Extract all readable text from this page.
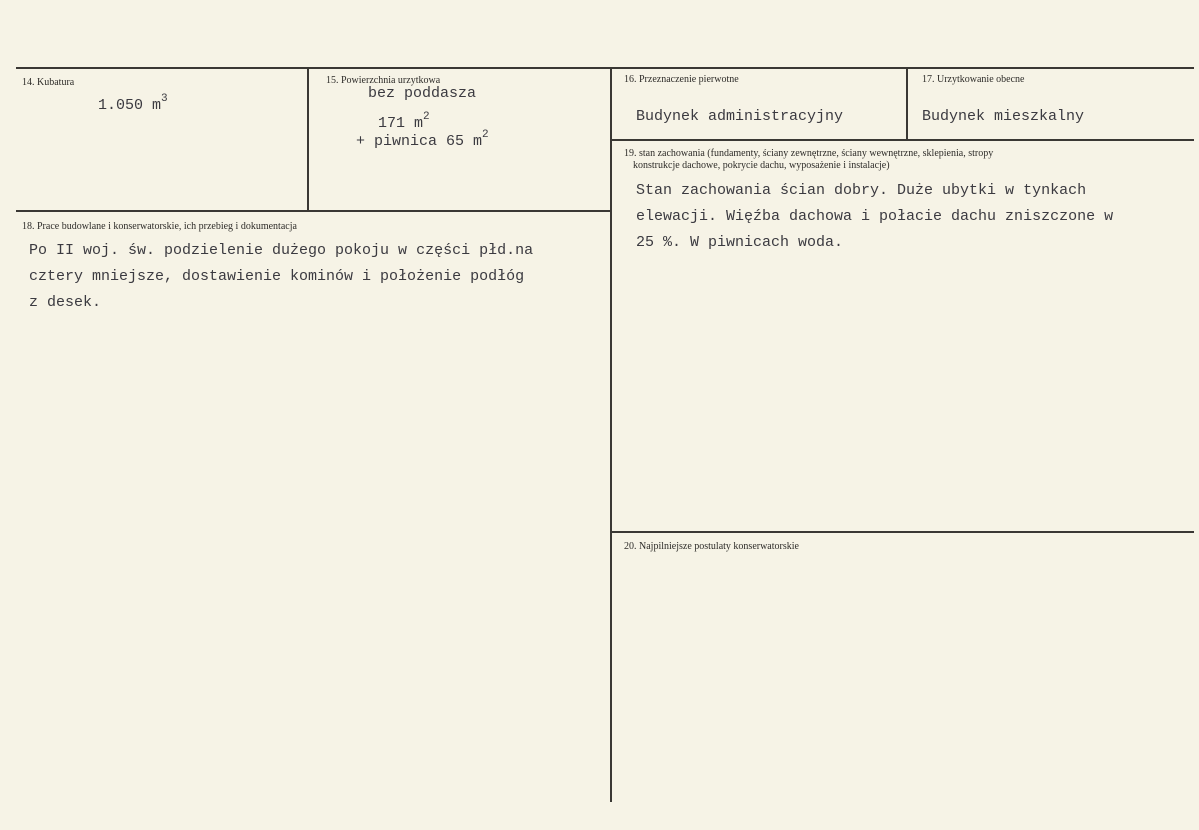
14. Kubatura
1.050 $m^3$
15. Powierzchnia urzytkowa
bez poddasza
171 $m^2$
+ piwnica 65 $m^2$
16. Przeznaczenie pierwotne
Budynek administracyjny
17. Urzytkowanie obecne
Budynek mieszkalny
18. Prace budowlane i konserwatorskie, ich przebieg i dokumentacja
Po II woj. św. podzielenie dużego pokoju w części płd.na
cztery mniejsze, dostawienie kominów i położenie podłóg
z desek.
19. stan zachowania (fundamenty, ściany zewnętrzne, ściany wewnętrzne, sklepienia, stropy
konstrukcje dachowe, pokrycie dachu, wyposażenie i instalacje)
Stan zachowania ścian dobry. Duże ubytki w tynkach
elewacji. Więźba dachowa i połacie dachu zniszczone w
25 %. W piwnicach woda.
20. Najpilniejsze postulaty konserwatorskie
